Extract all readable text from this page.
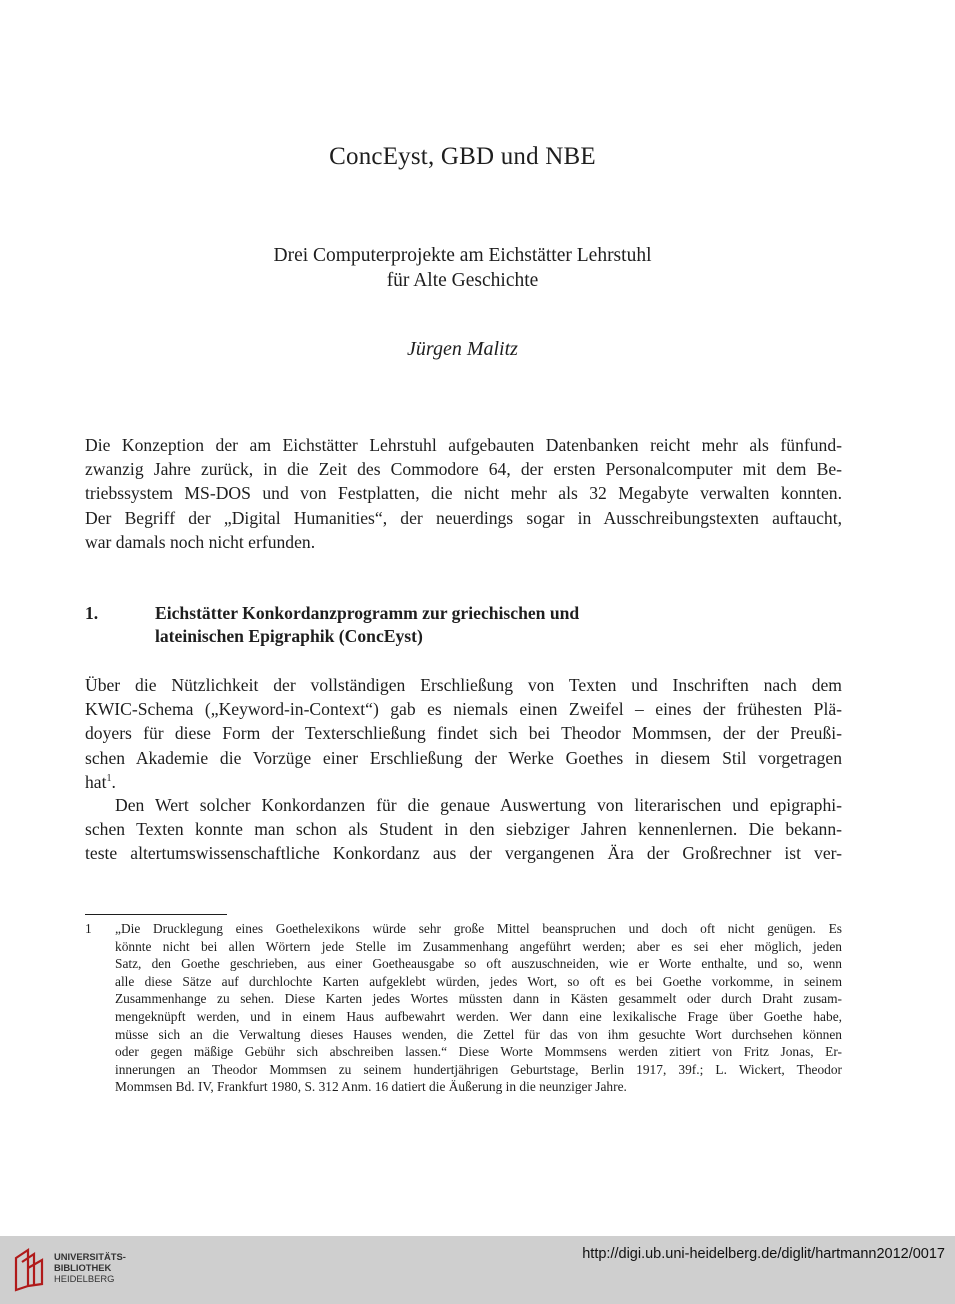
ConcEyst, GBD und NBE
Drei Computerprojekte am Eichstätter Lehrstuhl
für Alte Geschichte
Jürgen Malitz
Die Konzeption der am Eichstätter Lehrstuhl aufgebauten Datenbanken reicht mehr als fünfund-
zwanzig Jahre zurück, in die Zeit des Commodore 64, der ersten Personalcomputer mit dem Be-
triebssystem MS-DOS und von Festplatten, die nicht mehr als 32 Megabyte verwalten konnten.
Der Begriff der „Digital Humanities“, der neuerdings sogar in Ausschreibungstexten auftaucht,
war damals noch nicht erfunden.
1.	Eichstätter Konkordanzprogramm zur griechischen und
lateinischen Epigraphik (ConcEyst)
Über die Nützlichkeit der vollständigen Erschließung von Texten und Inschriften nach dem
KWIC-Schema („Keyword-in-Context“) gab es niemals einen Zweifel – eines der frühesten Plä-
doyers für diese Form der Texterschließung findet sich bei Theodor Mommsen, der der Preußi-
schen Akademie die Vorzüge einer Erschließung der Werke Goethes in diesem Stil vorgetragen
hat$^1$.
Den Wert solcher Konkordanzen für die genaue Auswertung von literarischen und epigraphi-
schen Texten konnte man schon als Student in den siebziger Jahren kennenlernen. Die bekann-
teste altertumswissenschaftliche Konkordanz aus der vergangenen Ära der Großrechner ist ver-
1 „Die Drucklegung eines Goethelexikons würde sehr große Mittel beanspruchen und doch oft nicht genügen. Es
könnte nicht bei allen Wörtern jede Stelle im Zusammenhang angeführt werden; aber es sei eher möglich, jeden
Satz, den Goethe geschrieben, aus einer Goetheausgabe so oft auszuschneiden, wie er Worte enthalte, und so, wenn
alle diese Sätze auf durchlochte Karten aufgeklebt würden, jedes Wort, so oft es bei Goethe vorkomme, in seinem
Zusammenhange zu sehen. Diese Karten jedes Wortes müssten dann in Kästen gesammelt oder durch Draht zusam-
mengeknüpft werden, und in einem Haus aufbewahrt werden. Wer dann eine lexikalische Frage über Goethe habe,
müsse sich an die Verwaltung dieses Hauses wenden, die Zettel für das von ihm gesuchte Wort durchsehen können
oder gegen mäßige Gebühr sich abschreiben lassen.“ Diese Worte Mommsens werden zitiert von Fritz Jonas, Er-
innerungen an Theodor Mommsen zu seinem hundertjährigen Geburtstage, Berlin 1917, 39f.; L. Wickert, Theodor
Mommsen Bd. IV, Frankfurt 1980, S. 312 Anm. 16 datiert die Äußerung in die neunziger Jahre.
UNIVERSITÄTS-
BIBLIOTHEK
HEIDELBERG
http://digi.ub.uni-heidelberg.de/diglit/hartmann2012/0017
